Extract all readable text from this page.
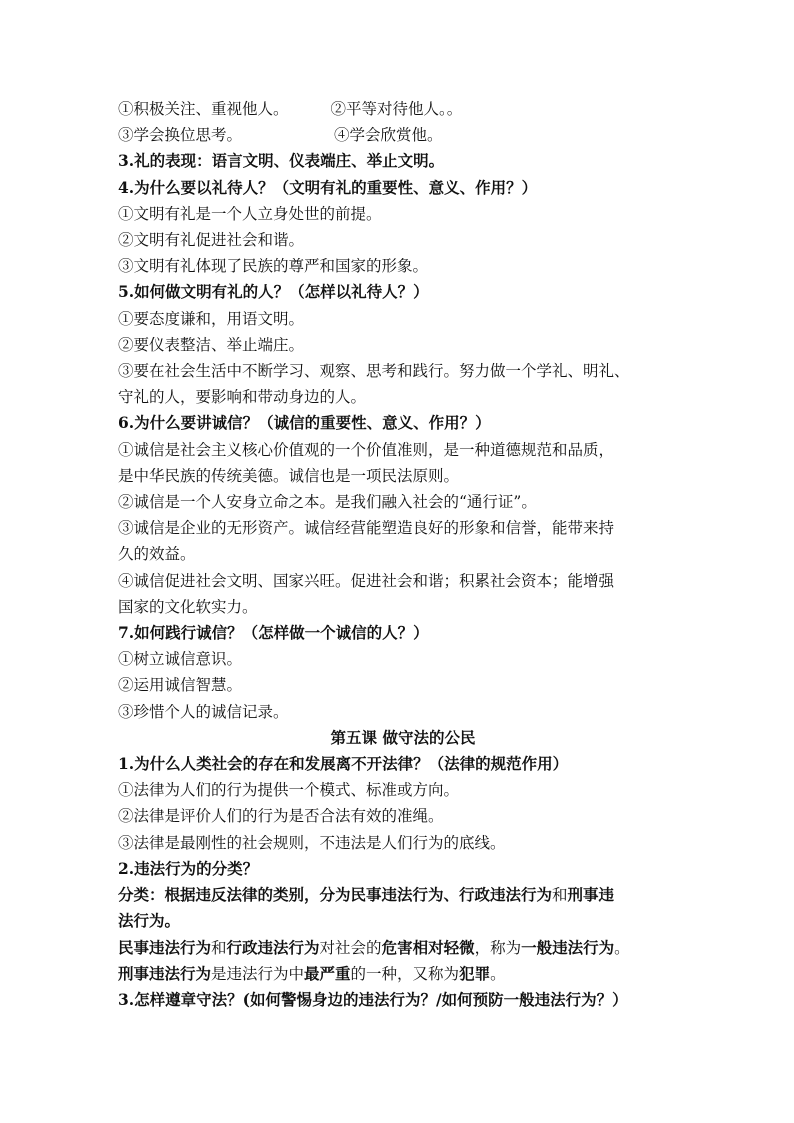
①积极关注、重视他人。	②平等对待他人。。
③学会换位思考。	④学会欣赏他。
3.礼的表现：语言文明、仪表端庄、举止文明。
4.为什么要以礼待人？（文明有礼的重要性、意义、作用？）
①文明有礼是一个人立身处世的前提。
②文明有礼促进社会和谐。
③文明有礼体现了民族的尊严和国家的形象。
5.如何做文明有礼的人？（怎样以礼待人？）
①要态度谦和，用语文明。
②要仪表整洁、举止端庄。
③要在社会生活中不断学习、观察、思考和践行。努力做一个学礼、明礼、
守礼的人，要影响和带动身边的人。
6.为什么要讲诚信？（诚信的重要性、意义、作用？）
①诚信是社会主义核心价值观的一个价值准则，是一种道德规范和品质，
是中华民族的传统美德。诚信也是一项民法原则。
②诚信是一个人安身立命之本。是我们融入社会的“通行证”。
③诚信是企业的无形资产。诚信经营能塑造良好的形象和信誉，能带来持
久的效益。
④诚信促进社会文明、国家兴旺。促进社会和谐；积累社会资本；能增强
国家的文化软实力。
7.如何践行诚信？（怎样做一个诚信的人？）
①树立诚信意识。
②运用诚信智慧。
③珍惜个人的诚信记录。
第五课 做守法的公民
1.为什么人类社会的存在和发展离不开法律？（法律的规范作用）
①法律为人们的行为提供一个模式、标准或方向。
②法律是评价人们的行为是否合法有效的准绳。
③法律是最刚性的社会规则，不违法是人们行为的底线。
2.违法行为的分类？
分类：根据违反法律的类别，分为民事违法行为、行政违法行为和刑事违
法行为。
民事违法行为和行政违法行为对社会的危害相对轻微，称为一般违法行为。
刑事违法行为是违法行为中最严重的一种，又称为犯罪。
3.怎样遵章守法？(如何警惕身边的违法行为？/如何预防一般违法行为？）
